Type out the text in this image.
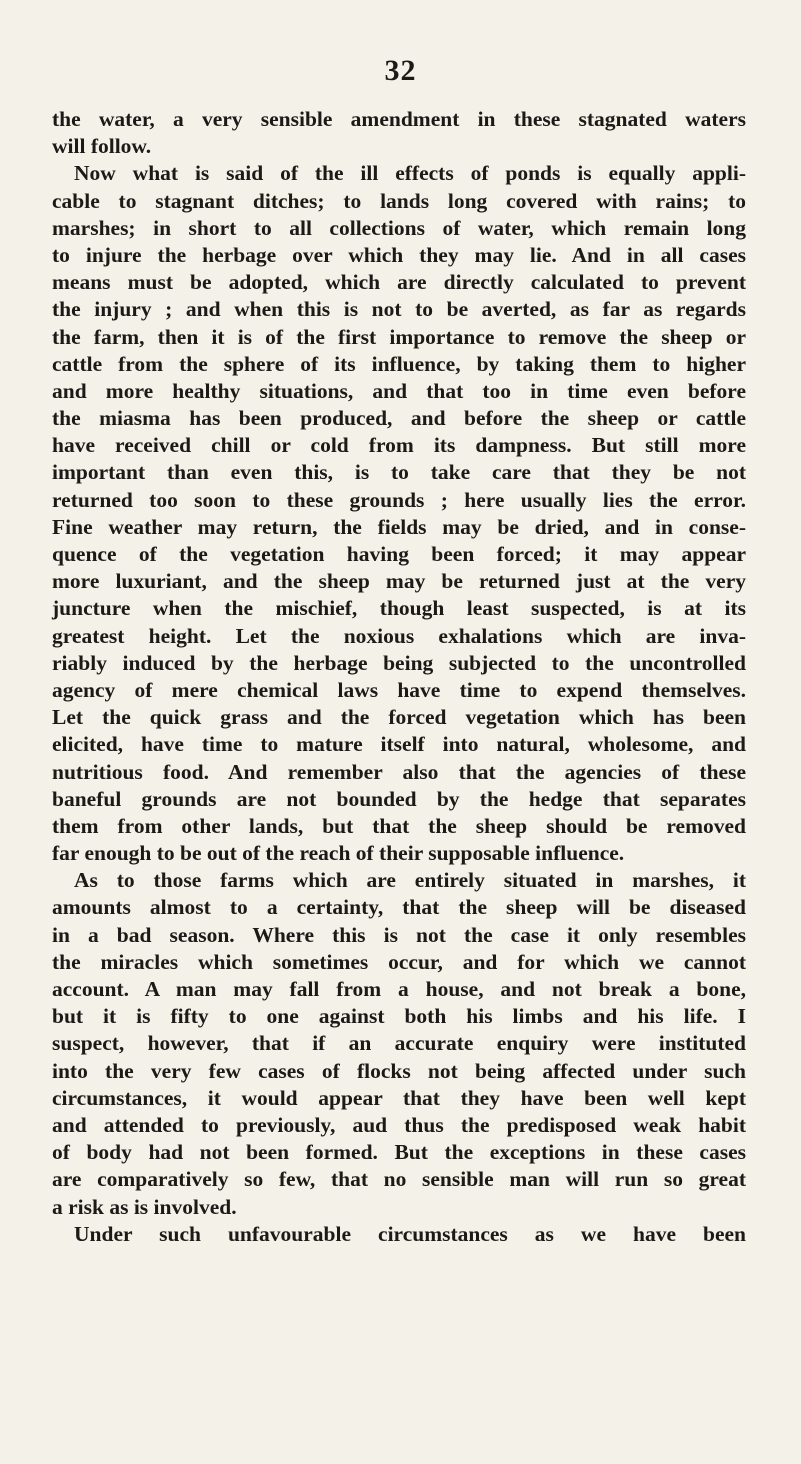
32
the water, a very sensible amendment in these stagnated waters
will follow.
Now what is said of the ill effects of ponds is equally appli-
cable to stagnant ditches; to lands long covered with rains; to
marshes; in short to all collections of water, which remain long
to injure the herbage over which they may lie. And in all cases
means must be adopted, which are directly calculated to prevent
the injury ; and when this is not to be averted, as far as regards
the farm, then it is of the first importance to remove the sheep or
cattle from the sphere of its influence, by taking them to higher
and more healthy situations, and that too in time even before
the miasma has been produced, and before the sheep or cattle
have received chill or cold from its dampness. But still more
important than even this, is to take care that they be not
returned too soon to these grounds ; here usually lies the error.
Fine weather may return, the fields may be dried, and in conse-
quence of the vegetation having been forced; it may appear
more luxuriant, and the sheep may be returned just at the very
juncture when the mischief, though least suspected, is at its
greatest height. Let the noxious exhalations which are inva-
riably induced by the herbage being subjected to the uncontrolled
agency of mere chemical laws have time to expend themselves.
Let the quick grass and the forced vegetation which has been
elicited, have time to mature itself into natural, wholesome, and
nutritious food. And remember also that the agencies of these
baneful grounds are not bounded by the hedge that separates
them from other lands, but that the sheep should be removed
far enough to be out of the reach of their supposable influence.
As to those farms which are entirely situated in marshes, it
amounts almost to a certainty, that the sheep will be diseased
in a bad season. Where this is not the case it only resembles
the miracles which sometimes occur, and for which we cannot
account. A man may fall from a house, and not break a bone,
but it is fifty to one against both his limbs and his life. I
suspect, however, that if an accurate enquiry were instituted
into the very few cases of flocks not being affected under such
circumstances, it would appear that they have been well kept
and attended to previously, aud thus the predisposed weak habit
of body had not been formed. But the exceptions in these cases
are comparatively so few, that no sensible man will run so great
a risk as is involved.
Under such unfavourable circumstances as we have been
